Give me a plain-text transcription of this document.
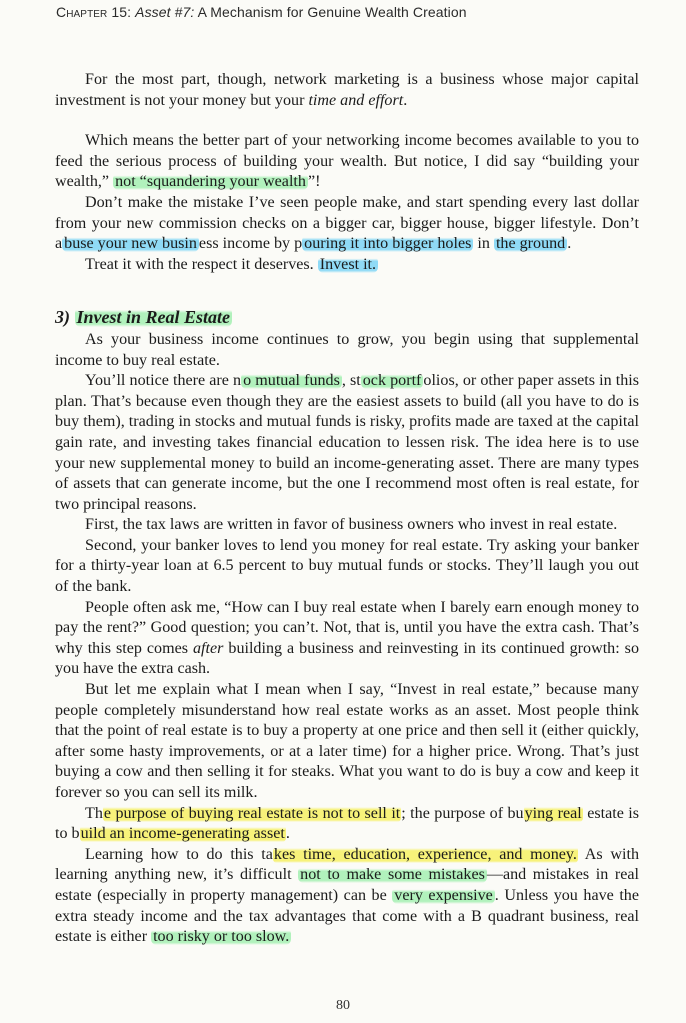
Chapter 15: Asset #7: A Mechanism for Genuine Wealth Creation

For the most part, though, network marketing is a business whose major capital investment is not your money but your time and effort.

Which means the better part of your networking income becomes available to you to feed the serious process of building your wealth. But notice, I did say “building your wealth,” not “squandering your wealth ”!

Don’t make the mistake I’ve seen people make, and start spending every last dollar from your new commission checks on a bigger car, bigger house, bigger lifestyle. Don’t a buse your new busin ess income by p ouring it into bigger holes in the ground .

Treat it with the respect it deserves. Invest it.

3) Invest in Real Estate

As your business income continues to grow, you begin using that supplemental income to buy real estate.

You’ll notice there are n o mutual funds , st ock portf olios, or other paper assets in this plan. That’s because even though they are the easiest assets to build (all you have to do is buy them), trading in stocks and mutual funds is risky, profits made are taxed at the capital gain rate, and investing takes financial education to lessen risk. The idea here is to use your new supplemental money to build an income-generating asset. There are many types of assets that can generate income, but the one I recommend most often is real estate, for two principal reasons.

First, the tax laws are written in favor of business owners who invest in real estate.

Second, your banker loves to lend you money for real estate. Try asking your banker for a thirty-year loan at 6.5 percent to buy mutual funds or stocks. They’ll laugh you out of the bank.

People often ask me, “How can I buy real estate when I barely earn enough money to pay the rent?” Good question; you can’t. Not, that is, until you have the extra cash. That’s why this step comes after building a business and reinvesting in its continued growth: so you have the extra cash.

But let me explain what I mean when I say, “Invest in real estate,” because many people completely misunderstand how real estate works as an asset. Most people think that the point of real estate is to buy a property at one price and then sell it (either quickly, after some hasty improvements, or at a later time) for a higher price. Wrong. That’s just buying a cow and then selling it for steaks. What you want to do is buy a cow and keep it forever so you can sell its milk.

The purpose of buying real estate is not to sell it; the purpose of buying real estate is to build an income-generating asset.

Learning how to do this takes time, education, experience, and money. As with learning anything new, it’s difficult not to make some mistakes —and mistakes in real estate (especially in property management) can be very expensive . Unless you have the extra steady income and the tax advantages that come with a B quadrant business, real estate is either too risky or too slow.

80
